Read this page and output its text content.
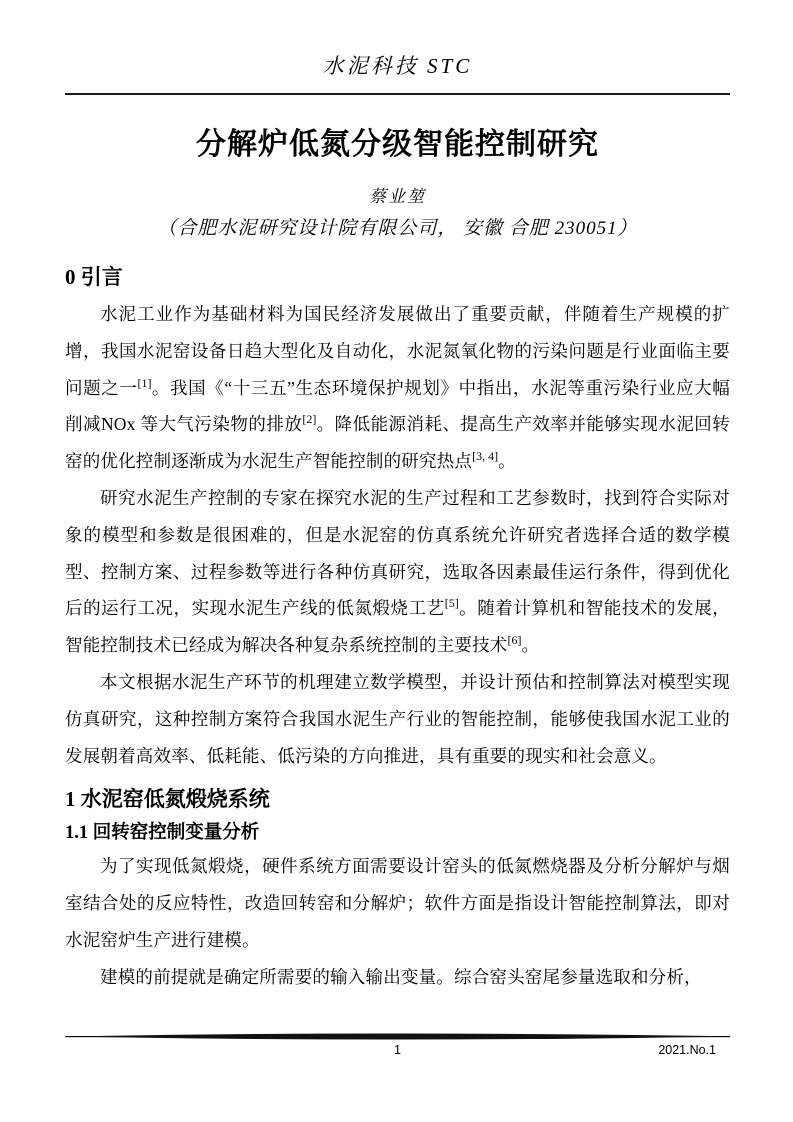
水泥科技 STC
分解炉低氮分级智能控制研究
蔡业堃
（合肥水泥研究设计院有限公司， 安徽 合肥 230051）
0 引言

水泥工业作为基础材料为国民经济发展做出了重要贡献，伴随着生产规模的扩增，我国水泥窑设备日趋大型化及自动化，水泥氮氧化物的污染问题是行业面临主要问题之一[1]。我国《“十三五”生态环境保护规划》中指出，水泥等重污染行业应大幅削减NOx 等大气污染物的排放[2]。降低能源消耗、提高生产效率并能够实现水泥回转窑的优化控制逐渐成为水泥生产智能控制的研究热点[3, 4]。

研究水泥生产控制的专家在探究水泥的生产过程和工艺参数时，找到符合实际对象的模型和参数是很困难的，但是水泥窑的仿真系统允许研究者选择合适的数学模型、控制方案、过程参数等进行各种仿真研究，选取各因素最佳运行条件，得到优化后的运行工况，实现水泥生产线的低氮煅烧工艺[5]。随着计算机和智能技术的发展，智能控制技术已经成为解决各种复杂系统控制的主要技术[6]。

本文根据水泥生产环节的机理建立数学模型，并设计预估和控制算法对模型实现仿真研究，这种控制方案符合我国水泥生产行业的智能控制，能够使我国水泥工业的发展朝着高效率、低耗能、低污染的方向推进，具有重要的现实和社会意义。

1 水泥窑低氮煅烧系统
1.1 回转窑控制变量分析

为了实现低氮煅烧，硬件系统方面需要设计窑头的低氮燃烧器及分析分解炉与烟室结合处的反应特性，改造回转窑和分解炉；软件方面是指设计智能控制算法，即对水泥窑炉生产进行建模。

建模的前提就是确定所需要的输入输出变量。综合窑头窑尾参量选取和分析，

1	2021.No.1
